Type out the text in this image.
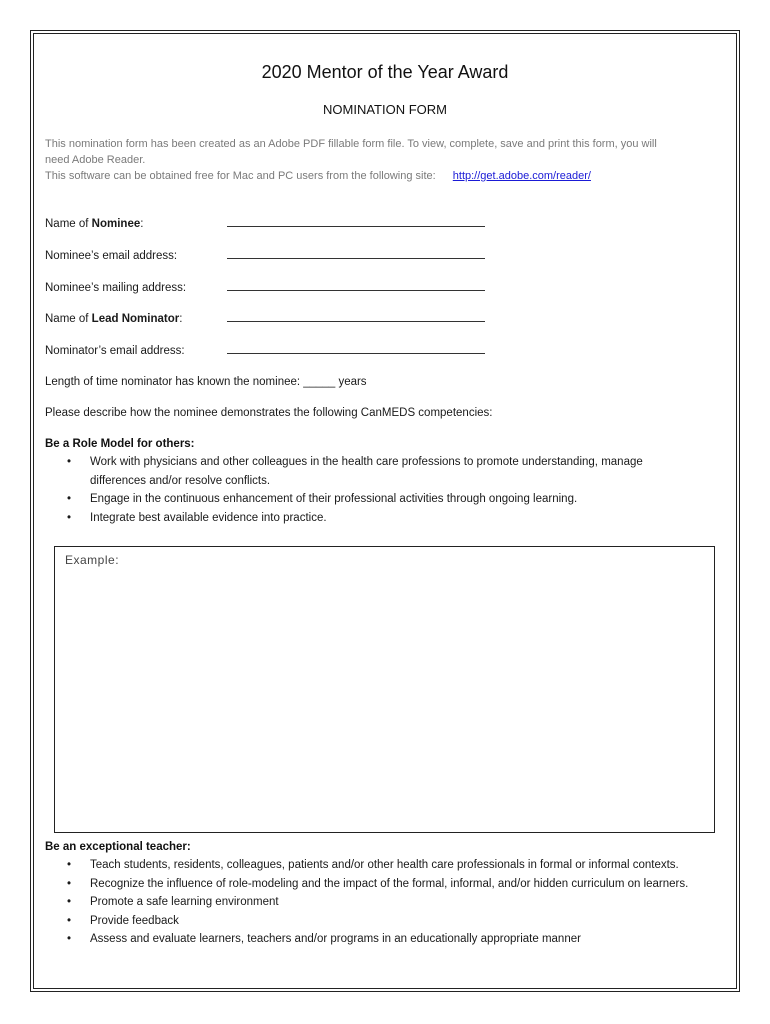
2020 Mentor of the Year Award
NOMINATION FORM
This nomination form has been created as an Adobe PDF fillable form file. To view, complete, save and print this form, you will
need Adobe Reader.
This software can be obtained free for Mac and PC users from the following site: http://get.adobe.com/reader/
Name of Nominee:
Nominee’s email address:
Nominee’s mailing address:
Name of Lead Nominator:
Nominator’s email address:
Length of time nominator has known the nominee: _____ years
Please describe how the nominee demonstrates the following CanMEDS competencies:
Be a Role Model for others:
• Work with physicians and other colleagues in the health care professions to promote understanding, manage
differences and/or resolve conflicts.
• Engage in the continuous enhancement of their professional activities through ongoing learning.
• Integrate best available evidence into practice.
Example:
Be an exceptional teacher:
• Teach students, residents, colleagues, patients and/or other health care professionals in formal or informal contexts.
• Recognize the influence of role-modeling and the impact of the formal, informal, and/or hidden curriculum on learners.
• Promote a safe learning environment
• Provide feedback
• Assess and evaluate learners, teachers and/or programs in an educationally appropriate manner
